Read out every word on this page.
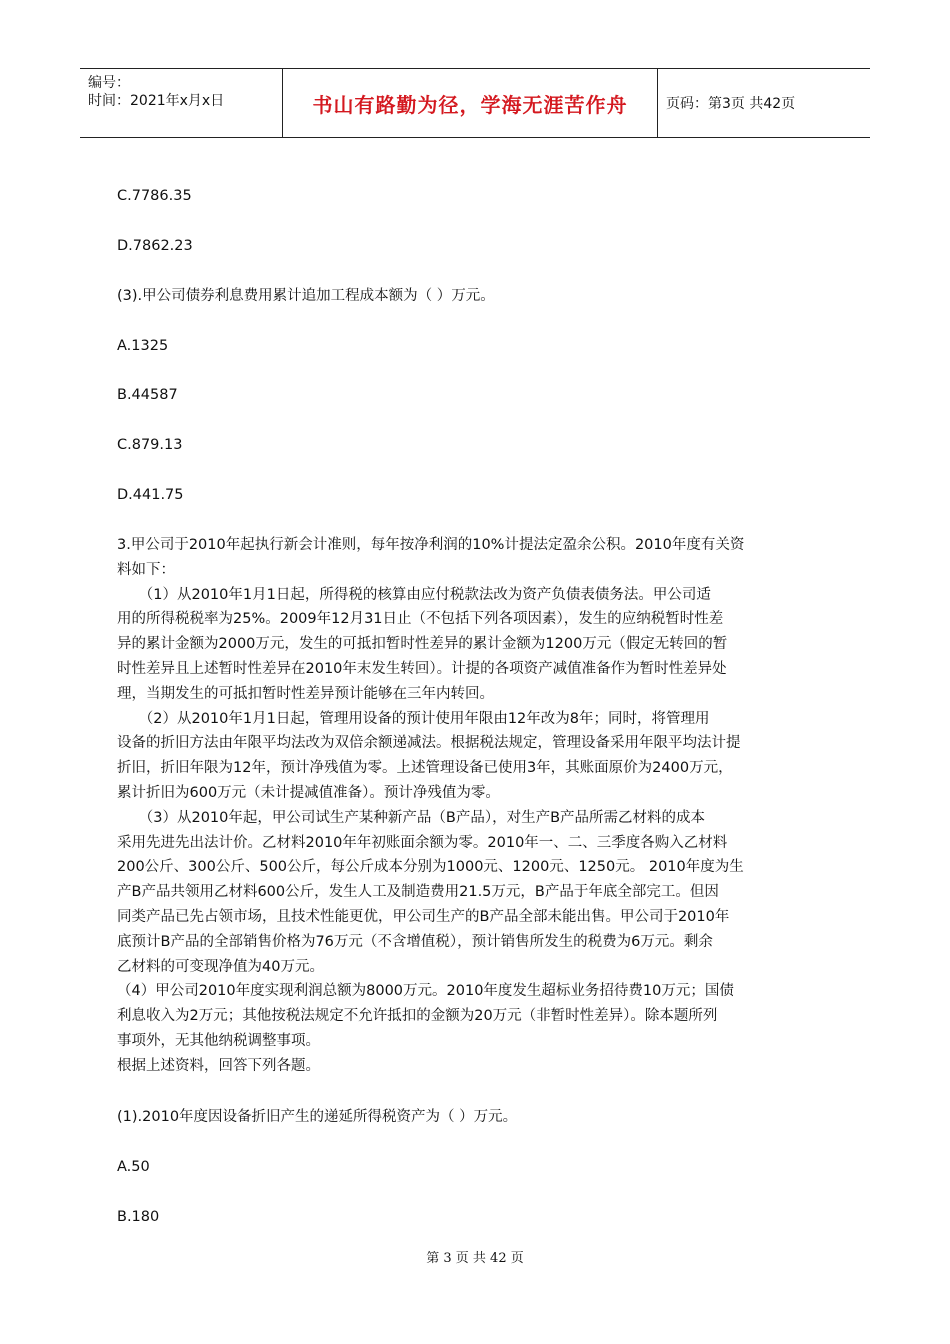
编号：
时间：2021年x月x日	书山有路勤为径，学海无涯苦作舟	页码：第3页 共42页
C.7786.35
D.7862.23
(3).甲公司债券利息费用累计追加工程成本额为（ ）万元。
A.1325
B.44587
C.879.13
D.441.75
3.甲公司于2010年起执行新会计准则，每年按净利润的10%计提法定盈余公积。2010年度有关资
料如下：
　　（1）从2010年1月1日起，所得税的核算由应付税款法改为资产负债表债务法。甲公司适
用的所得税税率为25%。2009年12月31日止（不包括下列各项因素），发生的应纳税暂时性差
异的累计金额为2000万元，发生的可抵扣暂时性差异的累计金额为1200万元（假定无转回的暂
时性差异且上述暂时性差异在2010年末发生转回）。计提的各项资产减值准备作为暂时性差异处
理，当期发生的可抵扣暂时性差异预计能够在三年内转回。
　　（2）从2010年1月1日起，管理用设备的预计使用年限由12年改为8年；同时，将管理用
设备的折旧方法由年限平均法改为双倍余额递减法。根据税法规定，管理设备采用年限平均法计提
折旧，折旧年限为12年，预计净残值为零。上述管理设备已使用3年，其账面原价为2400万元，
累计折旧为600万元（未计提减值准备）。预计净残值为零。
　　（3）从2010年起，甲公司试生产某种新产品（B产品），对生产B产品所需乙材料的成本
采用先进先出法计价。乙材料2010年年初账面余额为零。2010年一、二、三季度各购入乙材料
200公斤、300公斤、500公斤，每公斤成本分别为1000元、1200元、1250元。 2010年度为生
产B产品共领用乙材料600公斤，发生人工及制造费用21.5万元，B产品于年底全部完工。但因
同类产品已先占领市场，且技术性能更优，甲公司生产的B产品全部未能出售。甲公司于2010年
底预计B产品的全部销售价格为76万元（不含增值税），预计销售所发生的税费为6万元。剩余
乙材料的可变现净值为40万元。
（4）甲公司2010年度实现利润总额为8000万元。2010年度发生超标业务招待费10万元；国债
利息收入为2万元；其他按税法规定不允许抵扣的金额为20万元（非暂时性差异）。除本题所列
事项外，无其他纳税调整事项。
根据上述资料，回答下列各题。
(1).2010年度因设备折旧产生的递延所得税资产为（ ）万元。
A.50
B.180
第 3 页 共 42 页
